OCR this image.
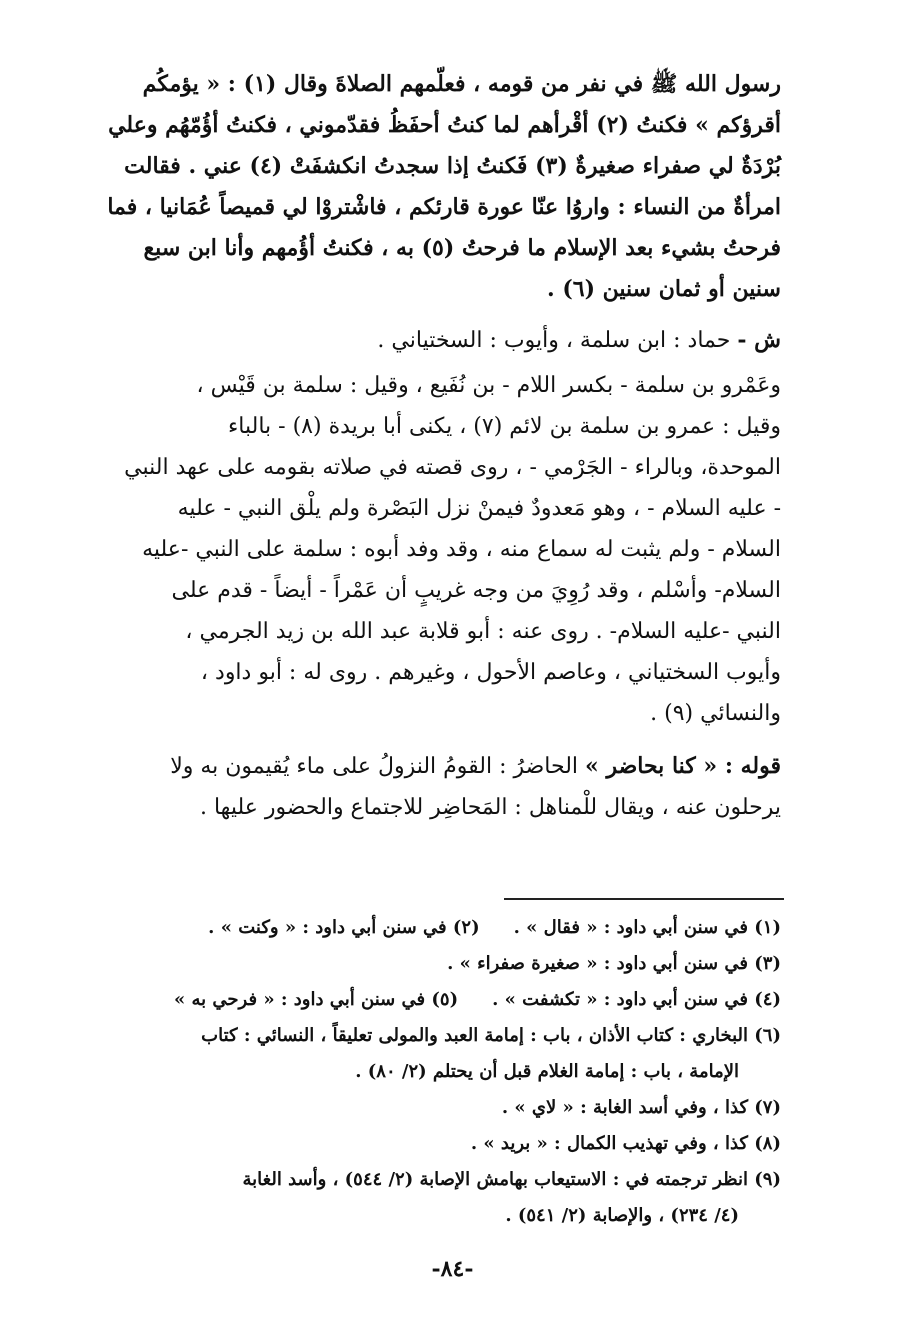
رسول الله ﷺ في نفر من قومه ، فعلّمهم الصلاةَ وقال (١) : « يؤمكُم

أقرؤكم » فكنتُ (٢) أقْرأهم لما كنتُ أحفَظُ فقدّموني ، فكنتُ أؤُمّهُم وعلي

بُرْدَةٌ لي صفراء صغيرةٌ (٣) فَكنتُ إذا سجدتُ انكشفَتْ (٤) عني . فقالت

امرأةٌ من النساء : واروُا عنّا عورة قارئكم ، فاشْتروْا لي قميصاً عُمَانيا ، فما

فرحتُ بشيء بعد الإسلام ما فرحتُ (٥) به ، فكنتُ أؤُمهم وأنا ابن سبع

سنين أو ثمان سنين (٦) .

ش - حماد : ابن سلمة ، وأيوب : السختياني .

وعَمْرو بن سلمة - بكسر اللام - بن نُفَيع ، وقيل : سلمة بن قَيْس ،

وقيل : عمرو بن سلمة بن لائم (٧) ، يكنى أبا بريدة (٨) - بالباء

الموحدة، وبالراء - الجَرْمي - ، روى قصته في صلاته بقومه على عهد النبي

- عليه السلام - ، وهو مَعدودٌ فيمنْ نزل البَصْرة ولم يلْق النبي - عليه

السلام - ولم يثبت له سماع منه ، وقد وفد أبوه : سلمة على النبي -عليه

السلام- وأسْلم ، وقد رُوِيَ من وجه غريبٍ أن عَمْراً - أيضاً - قدم على

النبي -عليه السلام- . روى عنه : أبو قلابة عبد الله بن زيد الجرمي ،

وأيوب السختياني ، وعاصم الأحول ، وغيرهم . روى له : أبو داود ،

والنسائي (٩) .

قوله : « كنا بحاضر » الحاضرُ : القومُ النزولُ على ماء يُقيمون به ولا

يرحلون عنه ، ويقال للْمناهل : المَحاضِر للاجتماع والحضور عليها .

(١) في سنن أبي داود : « فقال » .(٢) في سنن أبي داود : « وكنت » .

(٣) في سنن أبي داود : « صغيرة صفراء » .

(٤) في سنن أبي داود : « تكشفت » .(٥) في سنن أبي داود : « فرحي به »

(٦) البخاري : كتاب الأذان ، باب : إمامة العبد والمولى تعليقاً ، النسائي : كتاب

الإمامة ، باب : إمامة الغلام قبل أن يحتلم (٢/ ٨٠) .

(٧) كذا ، وفي أسد الغابة : « لاي » .

(٨) كذا ، وفي تهذيب الكمال : « بريد » .

(٩) انظر ترجمته في : الاستيعاب بهامش الإصابة (٢/ ٥٤٤) ، وأسد الغابة

(٤/ ٢٣٤) ، والإصابة (٢/ ٥٤١) .

-٨٤-
